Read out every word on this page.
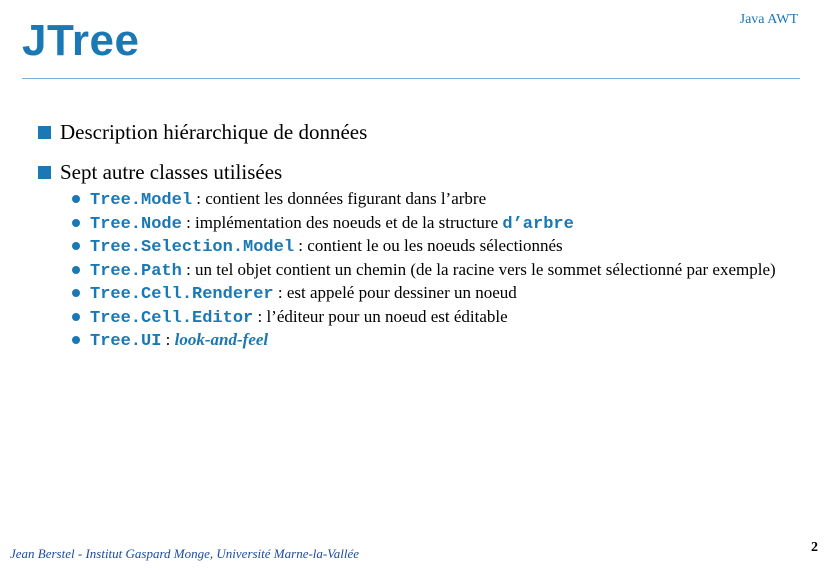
JTree	Java AWT
Description hiérarchique de données
Sept autre classes utilisées
Tree.Model : contient les données figurant dans l’arbre
Tree.Node : implémentation des noeuds et de la structure d’arbre
Tree.Selection.Model : contient le ou les noeuds sélectionnés
Tree.Path : un tel objet contient un chemin (de la racine vers le sommet sélectionné par exemple)
Tree.Cell.Renderer : est appelé pour dessiner un noeud
Tree.Cell.Editor : l’éditeur pour un noeud est éditable
Tree.UI : look-and-feel
Jean Berstel - Institut Gaspard Monge, Université Marne-la-Vallée	2
